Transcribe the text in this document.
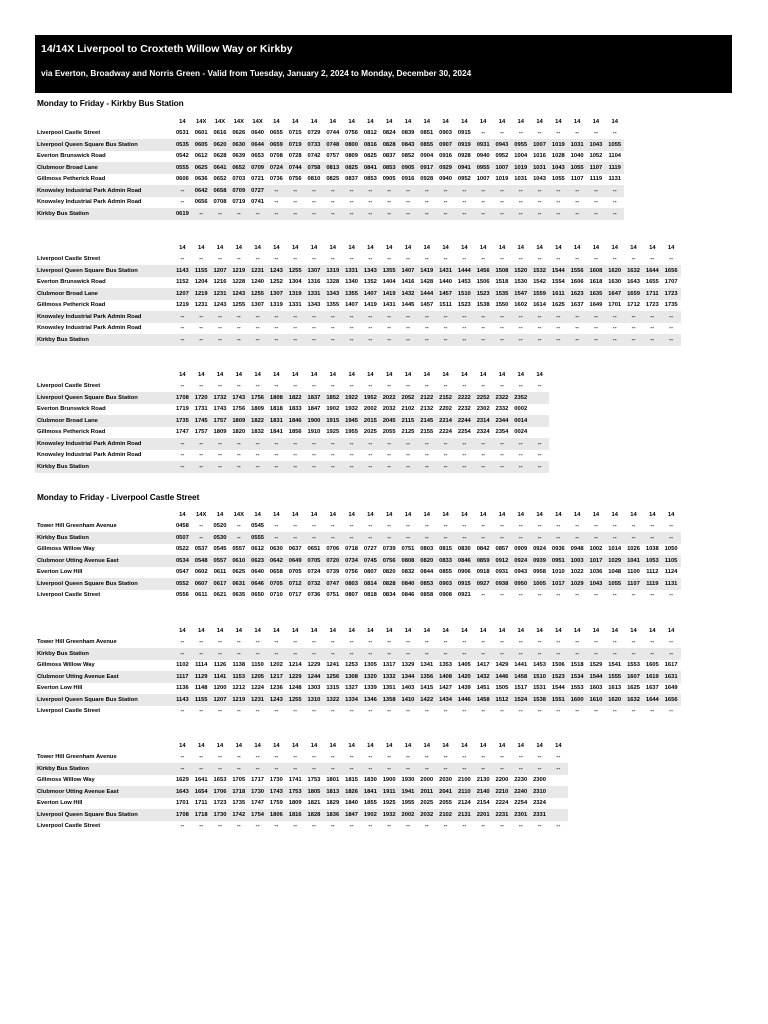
14/14X Liverpool to Croxteth Willow Way or Kirkby
via Everton, Broadway and Norris Green - Valid from Tuesday, January 2, 2024 to Monday, December 30, 2024
Monday to Friday - Kirkby Bus Station
	14	14X	14X	14X	14X	14	14	14	14	14	14	14	14	14	14	14	14	14	14	14	14	14	14	14
Liverpool Castle Street	0531	0601	0616	0626	0640	0655	0715	0729	0744	0756	0812	0824	0839	0851	0903	0915	--	--	--	--	--	--	--	--
Liverpool Queen Square Bus Station	0535	0605	0620	0630	0644	0659	0719	0733	0748	0800	0816	0828	0843	0855	0907	0919	0931	0943	0955	1007	1019	1031	1043	1055
Everton Brunswick Road	0542	0612	0628	0639	0653	0708	0728	0742	0757	0809	0825	0837	0852	0904	0916	0928	0940	0952	1004	1016	1028	1040	1052	1104
Clubmoor Broad Lane	0555	0625	0641	0652	0709	0724	0744	0758	0813	0825	0841	0853	0905	0917	0929	0941	0955	1007	1019	1031	1043	1055	1107	1119
Gillmoss Petherick Road	0606	0636	0652	0703	0721	0736	0756	0810	0825	0837	0853	0905	0916	0928	0940	0952	1007	1019	1031	1043	1055	1107	1119	1131
Knowsley Industrial Park Admin Road	--	0642	0658	0709	0727	--	--	--	--	--	--	--	--	--	--	--	--	--	--	--	--	--	--	--
Knowsley Industrial Park Admin Road	--	0656	0708	0719	0741	--	--	--	--	--	--	--	--	--	--	--	--	--	--	--	--	--	--	--
Kirkby Bus Station	0619	--	--	--	--	--	--	--	--	--	--	--	--	--	--	--	--	--	--	--	--	--	--	--
	14	14	14	14	14	14	14	14	14	14	14	14	14	14	14	14	14	14	14	14	14	14	14	14	14	14	14
Liverpool Castle Street	--	--	--	--	--	--	--	--	--	--	--	--	--	--	--	--	--	--	--	--	--	--	--	--	--	--	--
Liverpool Queen Square Bus Station	1143	1155	1207	1219	1231	1243	1255	1307	1319	1331	1343	1355	1407	1419	1431	1444	1456	1508	1520	1532	1544	1556	1608	1620	1632	1644	1656
Everton Brunswick Road	1152	1204	1216	1228	1240	1252	1304	1316	1328	1340	1352	1404	1416	1428	1440	1453	1506	1518	1530	1542	1554	1606	1618	1630	1643	1655	1707
Clubmoor Broad Lane	1207	1219	1231	1243	1255	1307	1319	1331	1343	1355	1407	1419	1432	1444	1457	1510	1523	1535	1547	1559	1611	1623	1635	1647	1659	1711	1723
Gillmoss Petherick Road	1219	1231	1243	1255	1307	1319	1331	1343	1355	1407	1419	1431	1445	1457	1511	1523	1538	1550	1602	1614	1625	1637	1649	1701	1712	1723	1735
Knowsley Industrial Park Admin Road	--	--	--	--	--	--	--	--	--	--	--	--	--	--	--	--	--	--	--	--	--	--	--	--	--	--	--
Knowsley Industrial Park Admin Road	--	--	--	--	--	--	--	--	--	--	--	--	--	--	--	--	--	--	--	--	--	--	--	--	--	--	--
Kirkby Bus Station	--	--	--	--	--	--	--	--	--	--	--	--	--	--	--	--	--	--	--	--	--	--	--	--	--	--	--
	14	14	14	14	14	14	14	14	14	14	14	14	14	14	14	14	14	14	14	14
Liverpool Castle Street	--	--	--	--	--	--	--	--	--	--	--	--	--	--	--	--	--	--	--	--
Liverpool Queen Square Bus Station	1708	1720	1732	1743	1756	1808	1822	1837	1852	1922	1952	2022	2052	2122	2152	2222	2252	2322	2352	
Everton Brunswick Road	1719	1731	1743	1756	1809	1818	1833	1847	1902	1932	2002	2032	2102	2132	2202	2232	2302	2332	0002	
Clubmoor Broad Lane	1735	1745	1757	1809	1822	1831	1846	1900	1915	1945	2015	2045	2115	2145	2214	2244	2314	2344	0014	
Gillmoss Petherick Road	1747	1757	1809	1820	1832	1841	1856	1910	1925	1955	2025	2055	2125	2155	2224	2254	2324	2354	0024	
Knowsley Industrial Park Admin Road	--	--	--	--	--	--	--	--	--	--	--	--	--	--	--	--	--	--	--	--
Knowsley Industrial Park Admin Road	--	--	--	--	--	--	--	--	--	--	--	--	--	--	--	--	--	--	--	--
Kirkby Bus Station	--	--	--	--	--	--	--	--	--	--	--	--	--	--	--	--	--	--	--	--
Monday to Friday - Liverpool Castle Street
	14	14X	14	14X	14	14	14	14	14	14	14	14	14	14	14	14	14	14	14	14	14	14	14	14	14	14	14
Tower Hill Greenham Avenue	0458	--	0520	--	0545	--	--	--	--	--	--	--	--	--	--	--	--	--	--	--	--	--	--	--	--	--	--
Kirkby Bus Station	0507	--	0530	--	0555	--	--	--	--	--	--	--	--	--	--	--	--	--	--	--	--	--	--	--	--	--	--
Gillmoss Willow Way	0522	0537	0545	0557	0612	0630	0637	0651	0706	0718	0727	0739	0751	0803	0815	0830	0842	0857	0909	0924	0936	0948	1002	1014	1026	1038	1050
Clubmoor Utting Avenue East	0534	0548	0557	0610	0623	0642	0649	0705	0720	0734	0745	0756	0808	0820	0833	0846	0859	0912	0924	0939	0951	1003	1017	1029	1041	1053	1105
Everton Low Hill	0547	0602	0611	0625	0640	0658	0705	0724	0739	0756	0807	0820	0832	0844	0855	0906	0918	0931	0943	0958	1010	1022	1036	1048	1100	1112	1124
Liverpool Queen Square Bus Station	0552	0607	0617	0631	0646	0705	0712	0732	0747	0803	0814	0828	0840	0853	0903	0915	0927	0938	0950	1005	1017	1029	1043	1055	1107	1119	1131
Liverpool Castle Street	0556	0611	0621	0635	0650	0710	0717	0736	0751	0807	0818	0834	0846	0858	0908	0921	--	--	--	--	--	--	--	--	--	--	--
	14	14	14	14	14	14	14	14	14	14	14	14	14	14	14	14	14	14	14	14	14	14	14	14	14	14	14
Tower Hill Greenham Avenue	--	--	--	--	--	--	--	--	--	--	--	--	--	--	--	--	--	--	--	--	--	--	--	--	--	--	--
Kirkby Bus Station	--	--	--	--	--	--	--	--	--	--	--	--	--	--	--	--	--	--	--	--	--	--	--	--	--	--	--
Gillmoss Willow Way	1102	1114	1126	1138	1150	1202	1214	1229	1241	1253	1305	1317	1329	1341	1353	1405	1417	1429	1441	1453	1506	1518	1529	1541	1553	1605	1617
Clubmoor Utting Avenue East	1117	1129	1141	1153	1205	1217	1229	1244	1256	1308	1320	1332	1344	1356	1408	1420	1432	1446	1458	1510	1523	1534	1544	1555	1607	1619	1631
Everton Low Hill	1136	1148	1200	1212	1224	1236	1248	1303	1315	1327	1339	1351	1403	1415	1427	1439	1451	1505	1517	1531	1544	1553	1603	1613	1625	1637	1649
Liverpool Queen Square Bus Station	1143	1155	1207	1219	1231	1243	1255	1310	1322	1334	1346	1358	1410	1422	1434	1446	1458	1512	1524	1538	1551	1600	1610	1620	1632	1644	1656
Liverpool Castle Street	--	--	--	--	--	--	--	--	--	--	--	--	--	--	--	--	--	--	--	--	--	--	--	--	--	--	--
	14	14	14	14	14	14	14	14	14	14	14	14	14	14	14	14	14	14	14	14	14
Tower Hill Greenham Avenue	--	--	--	--	--	--	--	--	--	--	--	--	--	--	--	--	--	--	--	--	--
Kirkby Bus Station	--	--	--	--	--	--	--	--	--	--	--	--	--	--	--	--	--	--	--	--	--
Gillmoss Willow Way	1629	1641	1653	1705	1717	1730	1741	1753	1801	1815	1830	1900	1930	2000	2030	2100	2130	2200	2230	2300	
Clubmoor Utting Avenue East	1643	1654	1706	1718	1730	1743	1753	1805	1813	1826	1841	1911	1941	2011	2041	2110	2140	2210	2240	2310	
Everton Low Hill	1701	1711	1723	1735	1747	1759	1809	1821	1829	1840	1855	1925	1955	2025	2055	2124	2154	2224	2254	2324	
Liverpool Queen Square Bus Station	1708	1718	1730	1742	1754	1806	1816	1828	1836	1847	1902	1932	2002	2032	2102	2131	2201	2231	2301	2331	
Liverpool Castle Street	--	--	--	--	--	--	--	--	--	--	--	--	--	--	--	--	--	--	--	--	--
